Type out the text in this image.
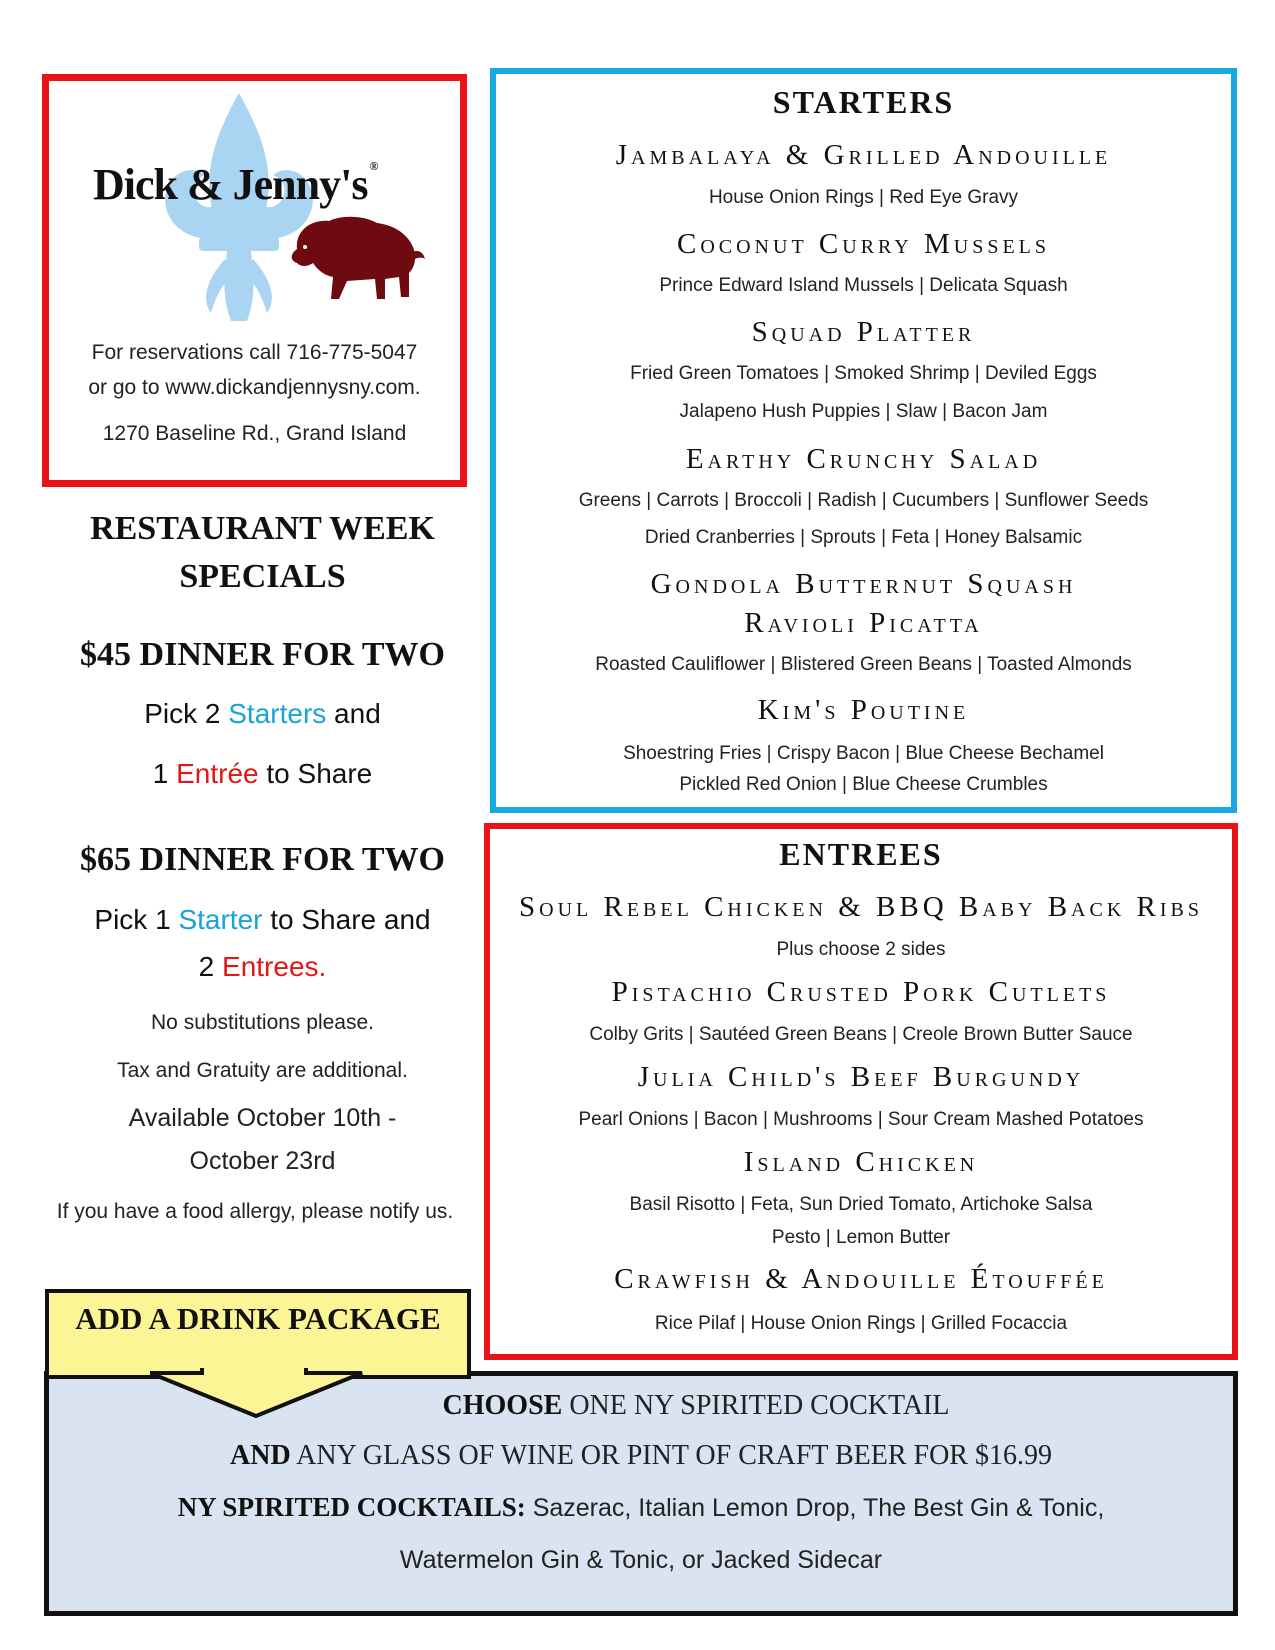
Dick & Jenny's ®
For reservations call 716-775-5047
or go to www.dickandjennysny.com.
1270 Baseline Rd., Grand Island
RESTAURANT WEEK
SPECIALS
$45 DINNER FOR TWO
Pick 2 Starters and
1 Entrée to Share
$65 DINNER FOR TWO
Pick 1 Starter to Share and
2 Entrees.
No substitutions please.
Tax and Gratuity are additional.
Available October 10th -
October 23rd
If you have a food allergy, please notify us.
STARTERS
Jambalaya & Grilled Andouille
House Onion Rings | Red Eye Gravy
Coconut Curry Mussels
Prince Edward Island Mussels | Delicata Squash
Squad Platter
Fried Green Tomatoes | Smoked Shrimp | Deviled Eggs
Jalapeno Hush Puppies | Slaw | Bacon Jam
Earthy Crunchy Salad
Greens | Carrots | Broccoli | Radish | Cucumbers | Sunflower Seeds
Dried Cranberries | Sprouts | Feta | Honey Balsamic
Gondola Butternut Squash
Ravioli Picatta
Roasted Cauliflower | Blistered Green Beans | Toasted Almonds
Kim's Poutine
Shoestring Fries | Crispy Bacon | Blue Cheese Bechamel
Pickled Red Onion | Blue Cheese Crumbles
ENTREES
Soul Rebel Chicken & BBQ Baby Back Ribs
Plus choose 2 sides
Pistachio Crusted Pork Cutlets
Colby Grits | Sautéed Green Beans | Creole Brown Butter Sauce
Julia Child's Beef Burgundy
Pearl Onions | Bacon | Mushrooms | Sour Cream Mashed Potatoes
Island Chicken
Basil Risotto | Feta, Sun Dried Tomato, Artichoke Salsa
Pesto | Lemon Butter
Crawfish & Andouille Étouffée
Rice Pilaf | House Onion Rings | Grilled Focaccia
CHOOSE ONE NY SPIRITED COCKTAIL
AND ANY GLASS OF WINE OR PINT OF CRAFT BEER FOR $16.99
NY SPIRITED COCKTAILS: Sazerac, Italian Lemon Drop, The Best Gin & Tonic,
Watermelon Gin & Tonic, or Jacked Sidecar
ADD A DRINK PACKAGE
